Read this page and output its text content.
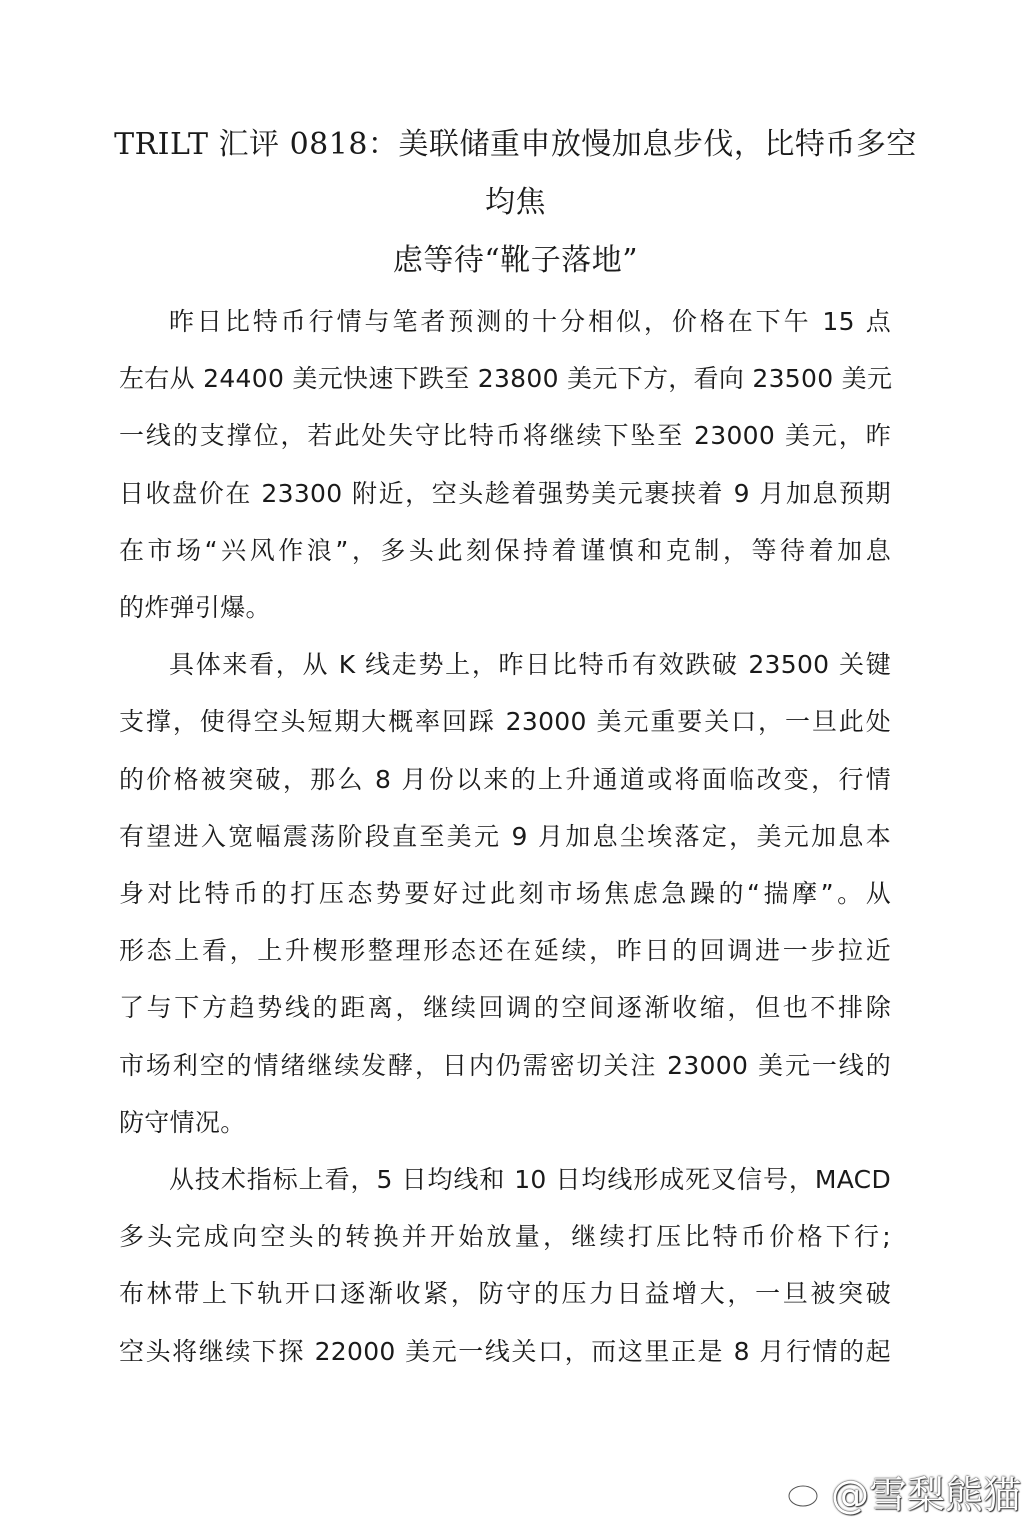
TRILT 汇评 0818：美联储重申放慢加息步伐，比特币多空均焦
虑等待“靴子落地”
昨日比特币行情与笔者预测的十分相似，价格在下午 15 点
左右从 24400 美元快速下跌至 23800 美元下方，看向 23500 美元
一线的支撑位，若此处失守比特币将继续下坠至 23000 美元，昨
日收盘价在 23300 附近，空头趁着强势美元裹挟着 9 月加息预期
在市场“兴风作浪”，多头此刻保持着谨慎和克制，等待着加息
的炸弹引爆。
具体来看，从 K 线走势上，昨日比特币有效跌破 23500 关键
支撑，使得空头短期大概率回踩 23000 美元重要关口，一旦此处
的价格被突破，那么 8 月份以来的上升通道或将面临改变，行情
有望进入宽幅震荡阶段直至美元 9 月加息尘埃落定，美元加息本
身对比特币的打压态势要好过此刻市场焦虑急躁的“揣摩”。从
形态上看，上升楔形整理形态还在延续，昨日的回调进一步拉近
了与下方趋势线的距离，继续回调的空间逐渐收缩，但也不排除
市场利空的情绪继续发酵，日内仍需密切关注 23000 美元一线的
防守情况。
从技术指标上看，5 日均线和 10 日均线形成死叉信号，MACD
多头完成向空头的转换并开始放量，继续打压比特币价格下行;
布林带上下轨开口逐渐收紧，防守的压力日益增大，一旦被突破
空头将继续下探 22000 美元一线关口，而这里正是 8 月行情的起
@雪梨熊猫
